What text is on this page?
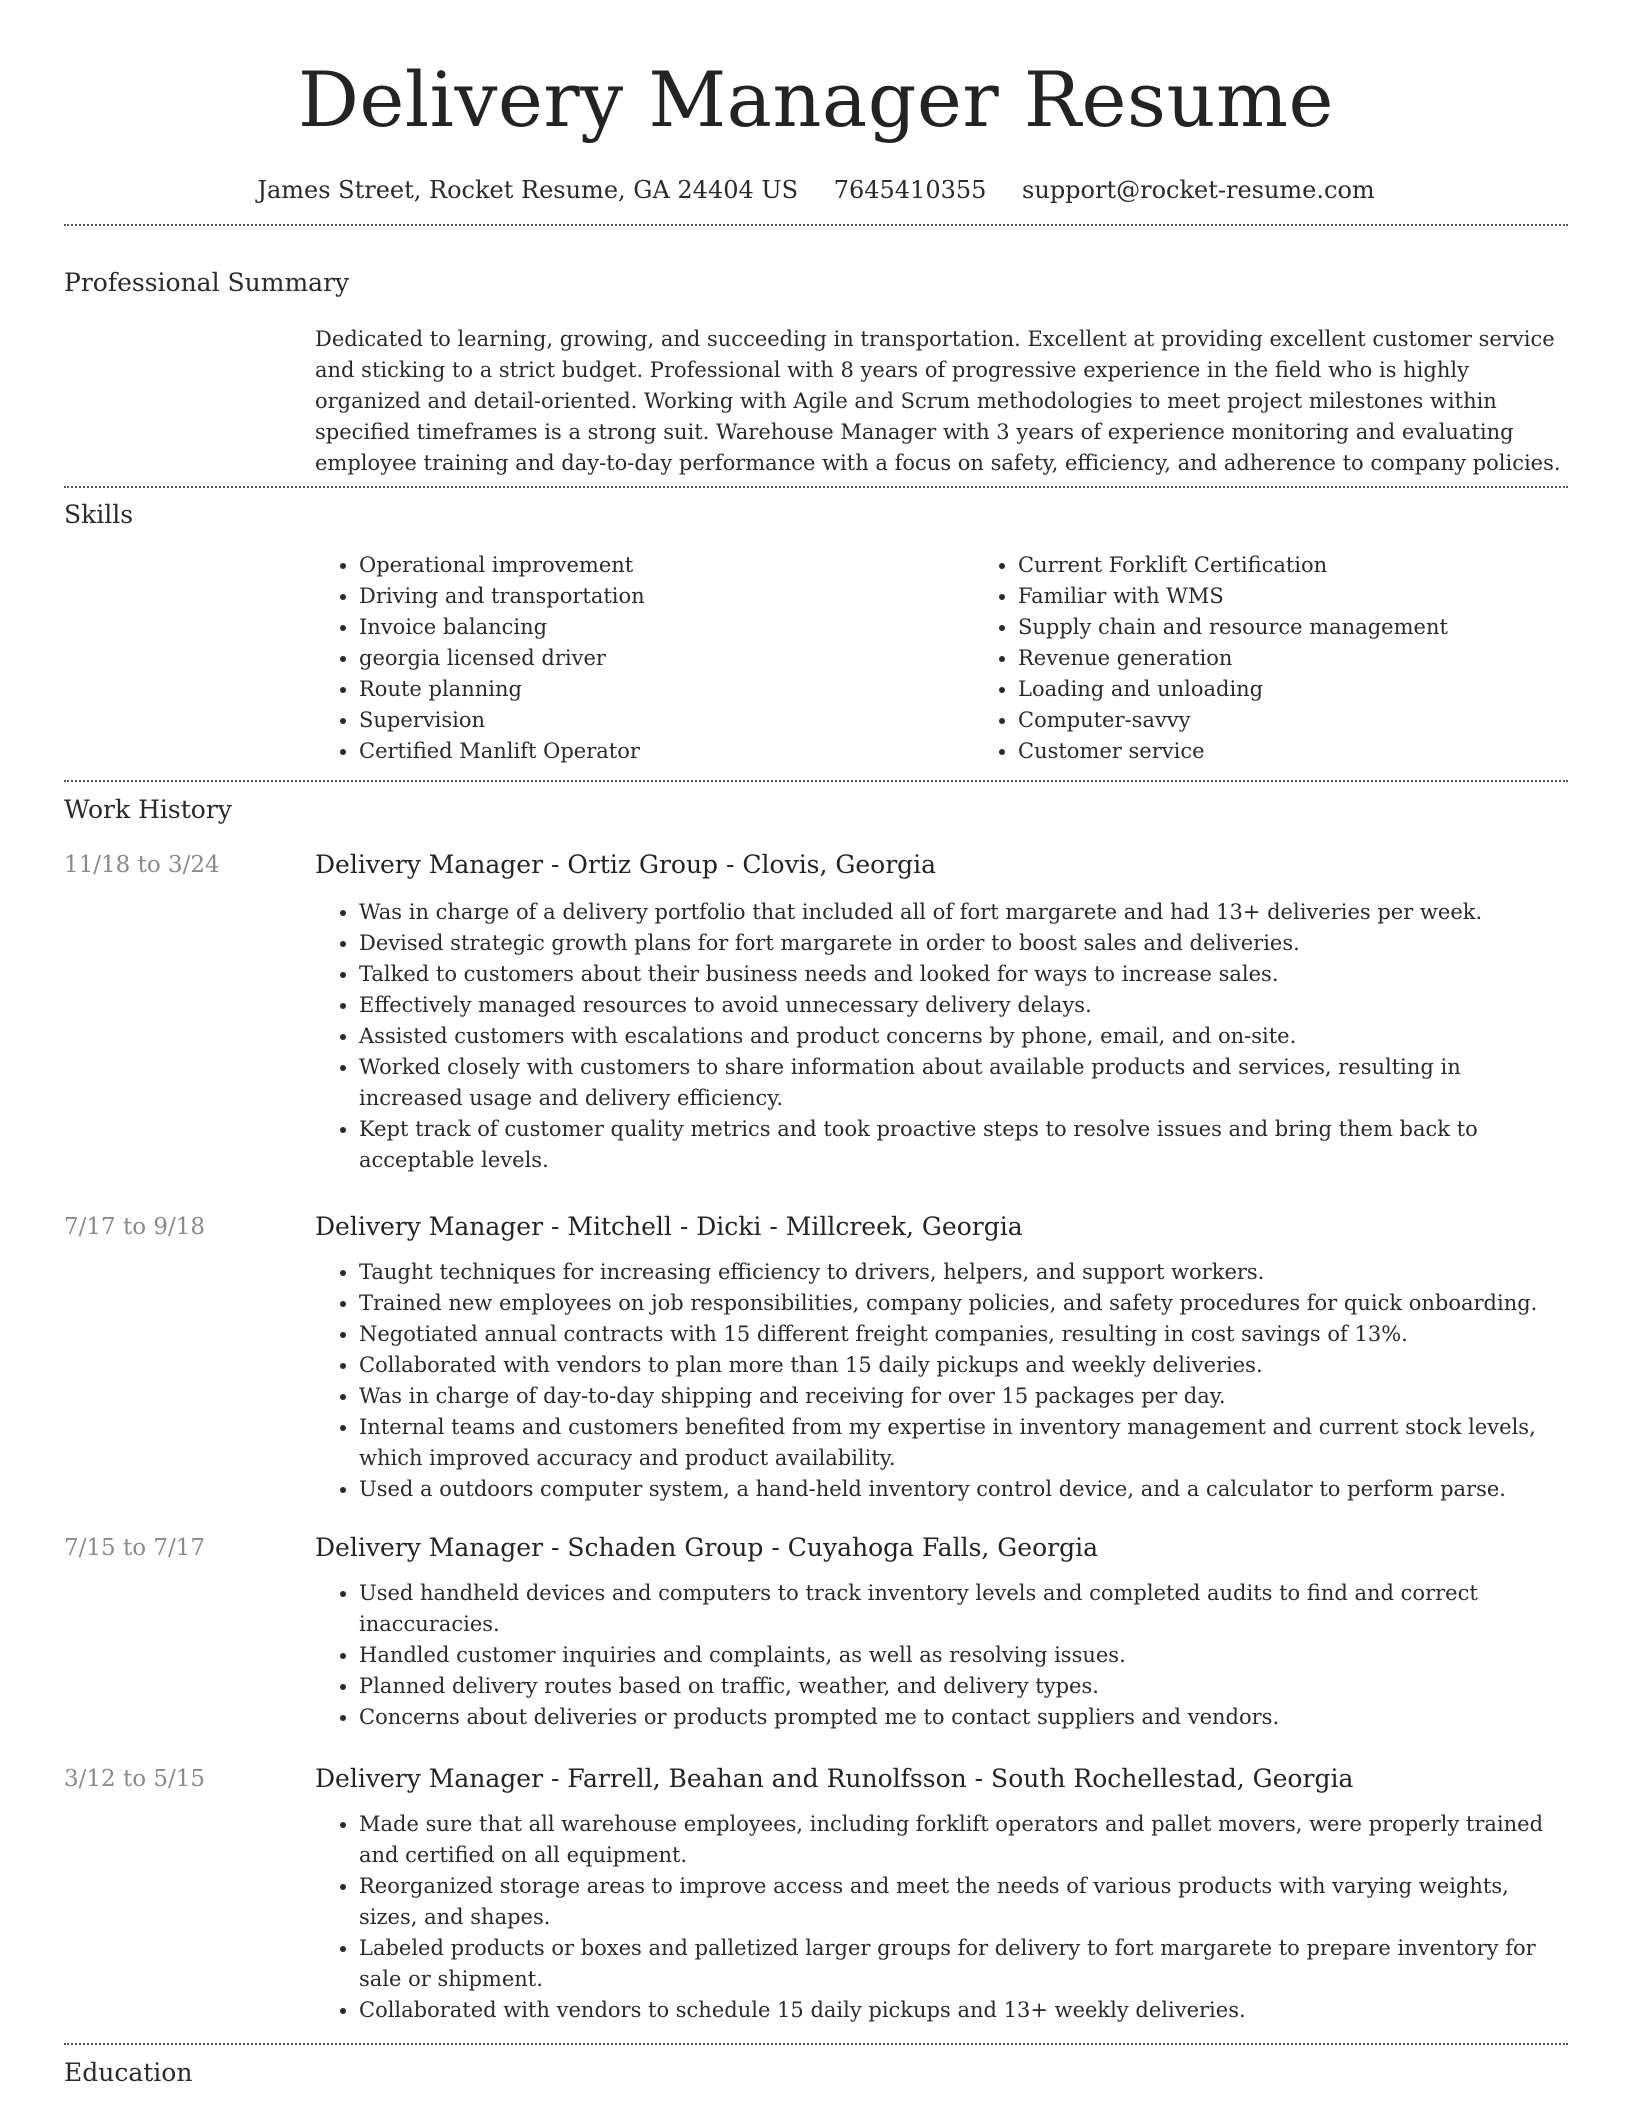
Delivery Manager Resume
James Street, Rocket Resume, GA 24404 US 7645410355 support@rocket-resume.com
Professional Summary

Dedicated to learning, growing, and succeeding in transportation. Excellent at providing excellent customer service and sticking to a strict budget. Professional with 8 years of progressive experience in the field who is highly organized and detail-oriented. Working with Agile and Scrum methodologies to meet project milestones within specified timeframes is a strong suit. Warehouse Manager with 3 years of experience monitoring and evaluating employee training and day-to-day performance with a focus on safety, efficiency, and adherence to company policies.

Skills
• Operational improvement
• Driving and transportation
• Invoice balancing
• georgia licensed driver
• Route planning
• Supervision
• Certified Manlift Operator
• Current Forklift Certification
• Familiar with WMS
• Supply chain and resource management
• Revenue generation
• Loading and unloading
• Computer-savvy
• Customer service
Work History
11/18 to 3/24	Delivery Manager - Ortiz Group - Clovis, Georgia
• Was in charge of a delivery portfolio that included all of fort margarete and had 13+ deliveries per week.
• Devised strategic growth plans for fort margarete in order to boost sales and deliveries.
• Talked to customers about their business needs and looked for ways to increase sales.
• Effectively managed resources to avoid unnecessary delivery delays.
• Assisted customers with escalations and product concerns by phone, email, and on-site.
• Worked closely with customers to share information about available products and services, resulting in increased usage and delivery efficiency.
• Kept track of customer quality metrics and took proactive steps to resolve issues and bring them back to acceptable levels.
7/17 to 9/18	Delivery Manager - Mitchell - Dicki - Millcreek, Georgia
• Taught techniques for increasing efficiency to drivers, helpers, and support workers.
• Trained new employees on job responsibilities, company policies, and safety procedures for quick onboarding.
• Negotiated annual contracts with 15 different freight companies, resulting in cost savings of 13%.
• Collaborated with vendors to plan more than 15 daily pickups and weekly deliveries.
• Was in charge of day-to-day shipping and receiving for over 15 packages per day.
• Internal teams and customers benefited from my expertise in inventory management and current stock levels, which improved accuracy and product availability.
• Used a outdoors computer system, a hand-held inventory control device, and a calculator to perform parse.
7/15 to 7/17	Delivery Manager - Schaden Group - Cuyahoga Falls, Georgia
• Used handheld devices and computers to track inventory levels and completed audits to find and correct inaccuracies.
• Handled customer inquiries and complaints, as well as resolving issues.
• Planned delivery routes based on traffic, weather, and delivery types.
• Concerns about deliveries or products prompted me to contact suppliers and vendors.
3/12 to 5/15	Delivery Manager - Farrell, Beahan and Runolfsson - South Rochellestad, Georgia
• Made sure that all warehouse employees, including forklift operators and pallet movers, were properly trained and certified on all equipment.
• Reorganized storage areas to improve access and meet the needs of various products with varying weights, sizes, and shapes.
• Labeled products or boxes and palletized larger groups for delivery to fort margarete to prepare inventory for sale or shipment.
• Collaborated with vendors to schedule 15 daily pickups and 13+ weekly deliveries.
Education
